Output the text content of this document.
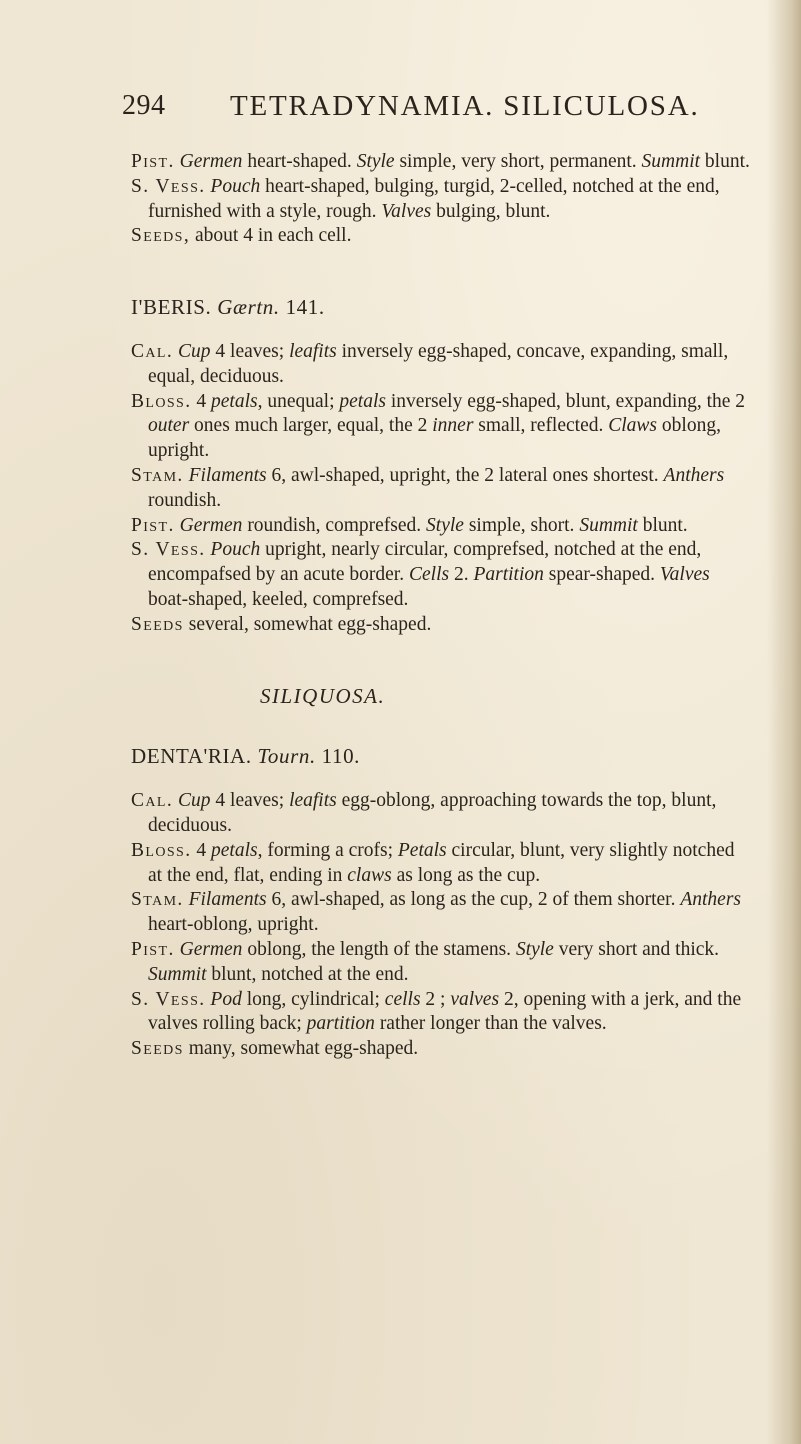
294 TETRADYNAMIA. SILICULOSA.

Pist. Germen heart-shaped. Style simple, very short, permanent. Summit blunt.

S. Vess. Pouch heart-shaped, bulging, turgid, 2-celled, notched at the end, furnished with a style, rough. Valves bulging, blunt.

Seeds, about 4 in each cell.

I'BERIS. Gærtn. 141.

Cal. Cup 4 leaves; leafits inversely egg-shaped, concave, expanding, small, equal, deciduous.

Bloss. 4 petals, unequal; petals inversely egg-shaped, blunt, expanding, the 2 outer ones much larger, equal, the 2 inner small, reflected. Claws oblong, upright.

Stam. Filaments 6, awl-shaped, upright, the 2 lateral ones shortest. Anthers roundish.

Pist. Germen roundish, comprefsed. Style simple, short. Summit blunt.

S. Vess. Pouch upright, nearly circular, comprefsed, notched at the end, encompafsed by an acute border. Cells 2. Partition spear-shaped. Valves boat-shaped, keeled, comprefsed.

Seeds several, somewhat egg-shaped.

SILIQUOSA.

DENTA'RIA. Tourn. 110.

Cal. Cup 4 leaves; leafits egg-oblong, approaching towards the top, blunt, deciduous.

Bloss. 4 petals, forming a crofs; Petals circular, blunt, very slightly notched at the end, flat, ending in claws as long as the cup.

Stam. Filaments 6, awl-shaped, as long as the cup, 2 of them shorter. Anthers heart-oblong, upright.

Pist. Germen oblong, the length of the stamens. Style very short and thick. Summit blunt, notched at the end.

S. Vess. Pod long, cylindrical; cells 2 ; valves 2, opening with a jerk, and the valves rolling back; partition rather longer than the valves.

Seeds many, somewhat egg-shaped.
